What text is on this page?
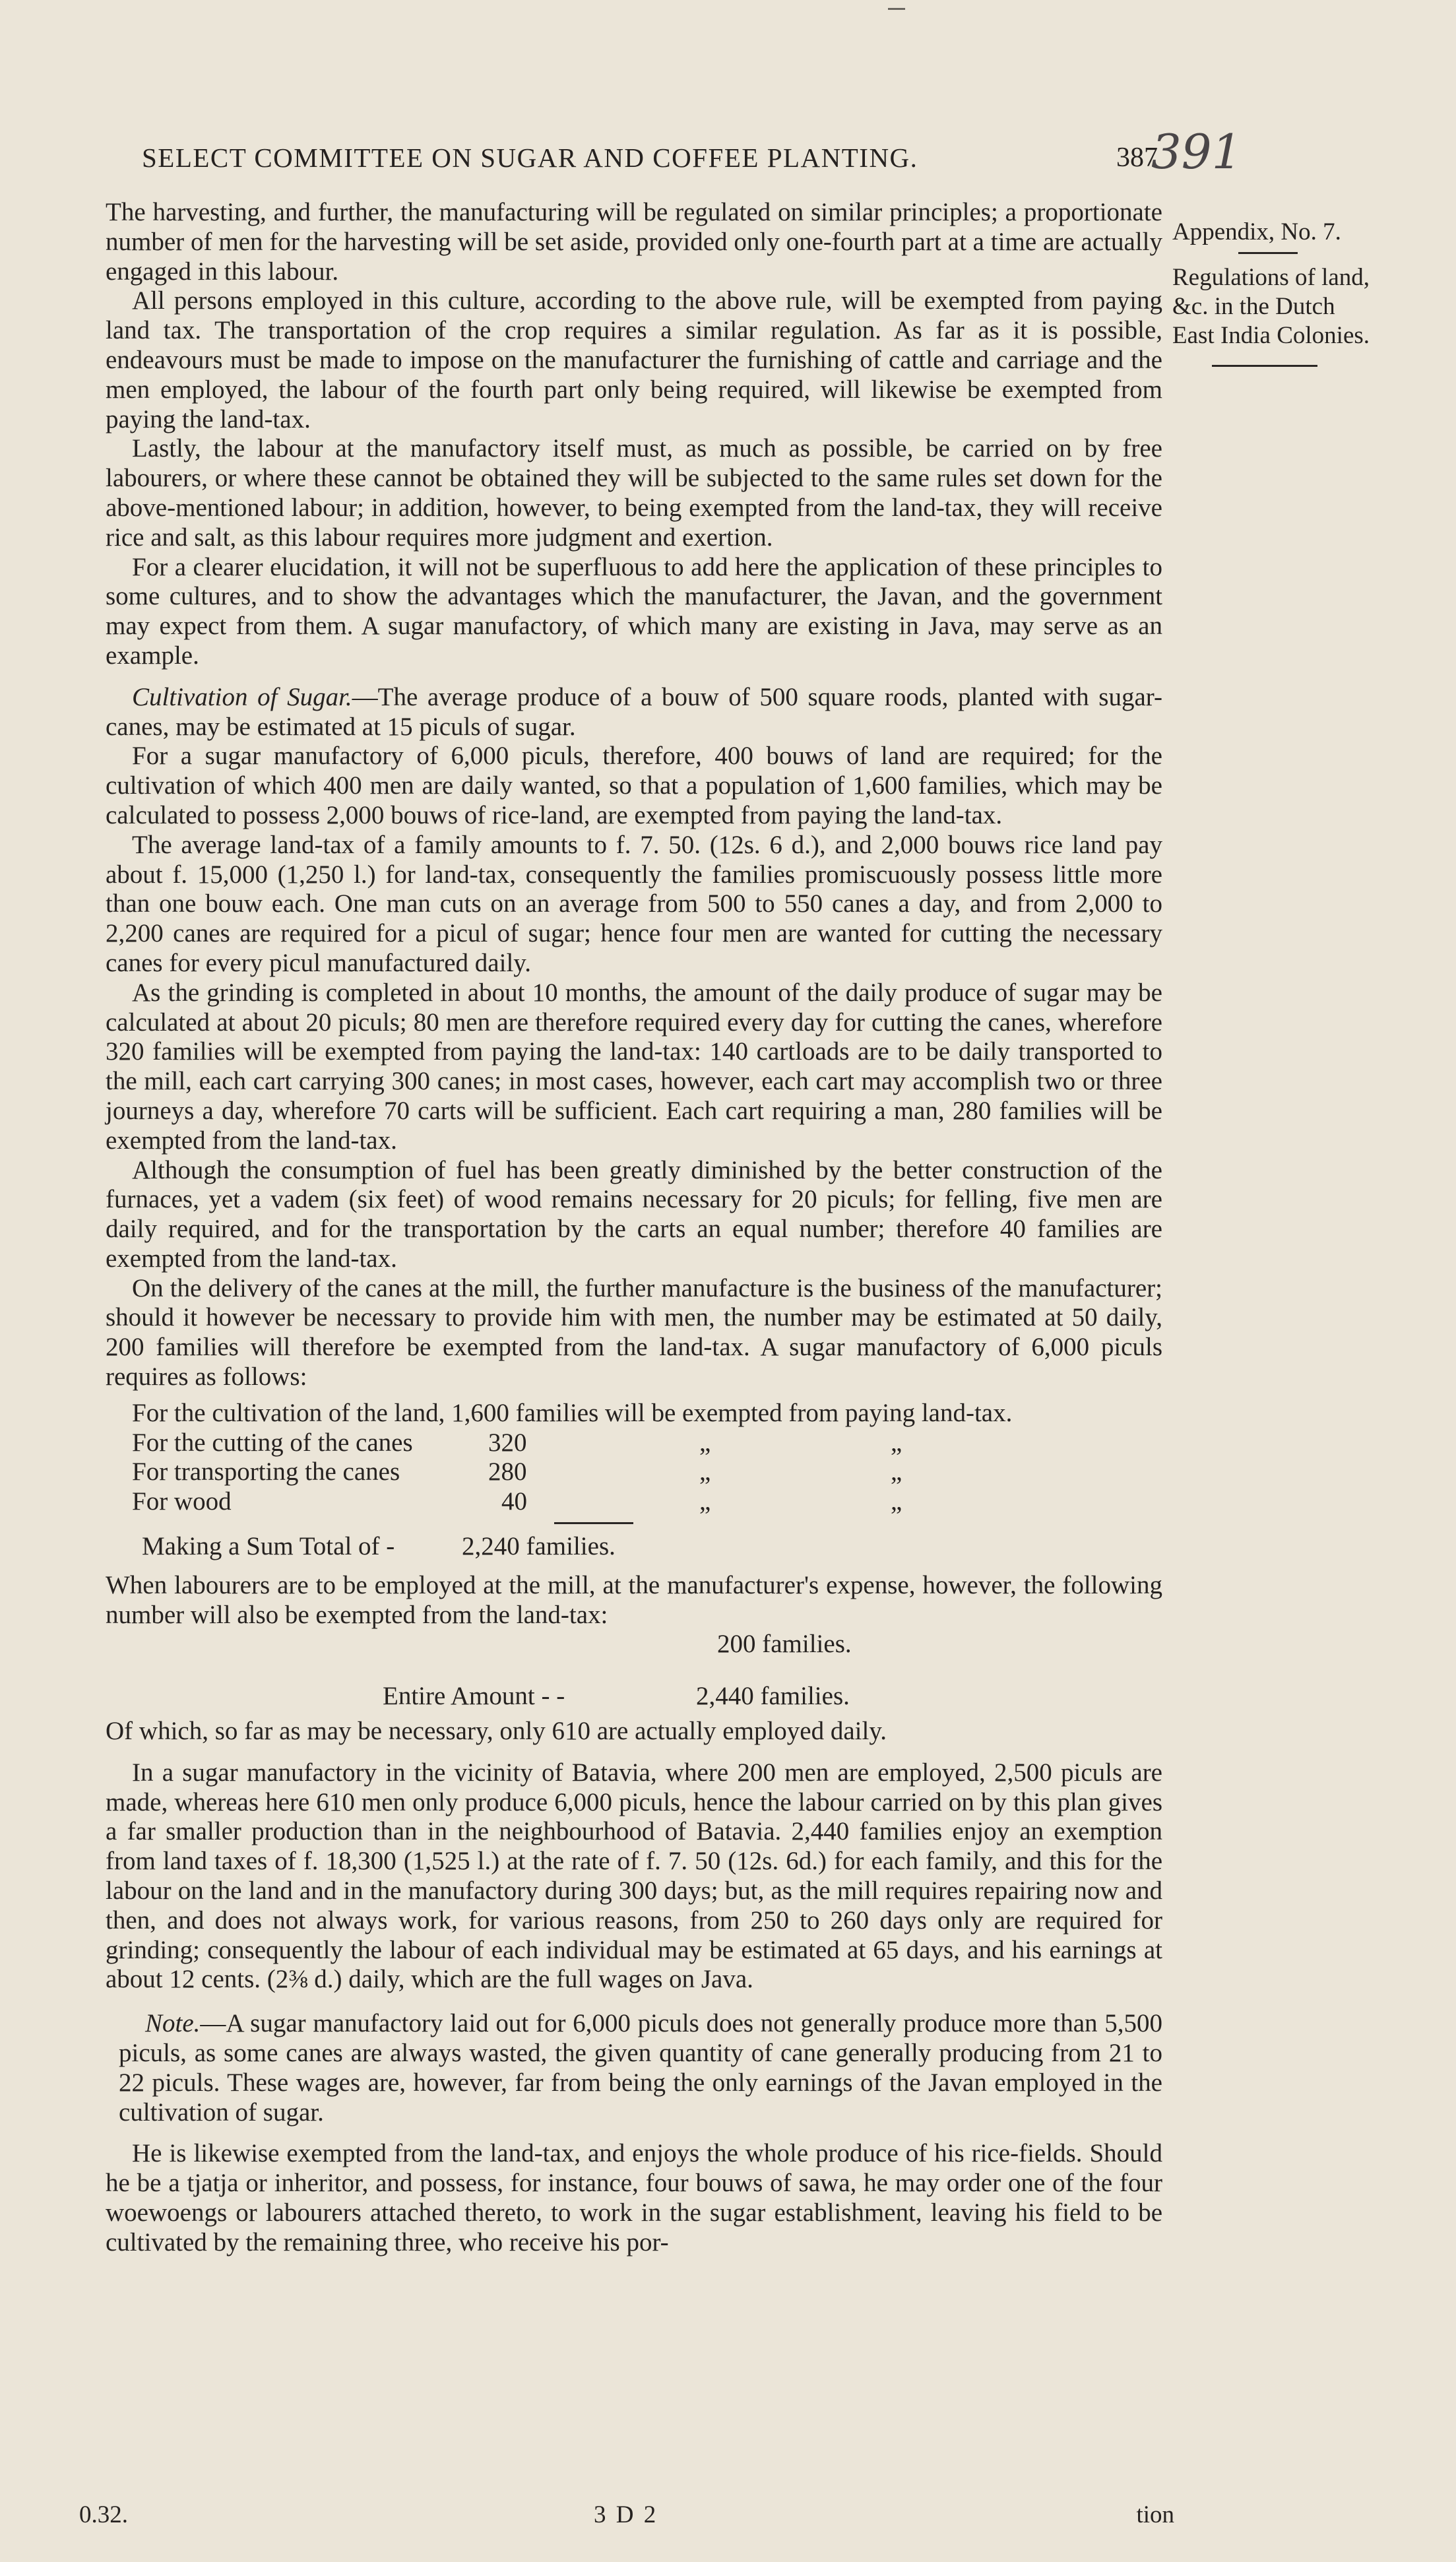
SELECT COMMITTEE ON SUGAR AND COFFEE PLANTING.	387
391
Appendix, No. 7.
Regulations of land, &c. in the Dutch East India Colonies.

The harvesting, and further, the manufacturing will be regulated on similar principles; a proportionate number of men for the harvesting will be set aside, provided only one-fourth part at a time are actually engaged in this labour.

All persons employed in this culture, according to the above rule, will be exempted from paying land tax. The transportation of the crop requires a similar regulation. As far as it is possible, endeavours must be made to impose on the manufacturer the furnishing of cattle and carriage and the men employed, the labour of the fourth part only being required, will likewise be exempted from paying the land-tax.

Lastly, the labour at the manufactory itself must, as much as possible, be carried on by free labourers, or where these cannot be obtained they will be subjected to the same rules set down for the above-mentioned labour; in addition, however, to being exempted from the land-tax, they will receive rice and salt, as this labour requires more judgment and exertion.

For a clearer elucidation, it will not be superfluous to add here the application of these principles to some cultures, and to show the advantages which the manufacturer, the Javan, and the government may expect from them. A sugar manufactory, of which many are existing in Java, may serve as an example.

Cultivation of Sugar.—The average produce of a bouw of 500 square roods, planted with sugar-canes, may be estimated at 15 piculs of sugar.

For a sugar manufactory of 6,000 piculs, therefore, 400 bouws of land are required; for the cultivation of which 400 men are daily wanted, so that a population of 1,600 families, which may be calculated to possess 2,000 bouws of rice-land, are exempted from paying the land-tax.

The average land-tax of a family amounts to f. 7. 50. (12s. 6 d.), and 2,000 bouws rice land pay about f. 15,000 (1,250 l.) for land-tax, consequently the families promiscuously possess little more than one bouw each. One man cuts on an average from 500 to 550 canes a day, and from 2,000 to 2,200 canes are required for a picul of sugar; hence four men are wanted for cutting the necessary canes for every picul manufactured daily.

As the grinding is completed in about 10 months, the amount of the daily produce of sugar may be calculated at about 20 piculs; 80 men are therefore required every day for cutting the canes, wherefore 320 families will be exempted from paying the land-tax: 140 cartloads are to be daily transported to the mill, each cart carrying 300 canes; in most cases, however, each cart may accomplish two or three journeys a day, wherefore 70 carts will be sufficient. Each cart requiring a man, 280 families will be exempted from the land-tax.

Although the consumption of fuel has been greatly diminished by the better construction of the furnaces, yet a vadem (six feet) of wood remains necessary for 20 piculs; for felling, five men are daily required, and for the transportation by the carts an equal number; therefore 40 families are exempted from the land-tax.

On the delivery of the canes at the mill, the further manufacture is the business of the manufacturer; should it however be necessary to provide him with men, the number may be estimated at 50 daily, 200 families will therefore be exempted from the land-tax. A sugar manufactory of 6,000 piculs requires as follows:

For the cultivation of the land, 1,600 families will be exempted from paying land-tax.
For the cutting of the canes	320	„	„
For transporting the canes	280	„	„
For wood	40	„	„
Making a Sum Total of -	2,240 families.

When labourers are to be employed at the mill, at the manufacturer's expense, however, the following number will also be exempted from the land-tax:

200 families.
Entire Amount - -	2,440 families.

Of which, so far as may be necessary, only 610 are actually employed daily.

In a sugar manufactory in the vicinity of Batavia, where 200 men are employed, 2,500 piculs are made, whereas here 610 men only produce 6,000 piculs, hence the labour carried on by this plan gives a far smaller production than in the neighbourhood of Batavia. 2,440 families enjoy an exemption from land taxes of f. 18,300 (1,525 l.) at the rate of f. 7. 50 (12s. 6d.) for each family, and this for the labour on the land and in the manufactory during 300 days; but, as the mill requires repairing now and then, and does not always work, for various reasons, from 250 to 260 days only are required for grinding; consequently the labour of each individual may be estimated at 65 days, and his earnings at about 12 cents. (2⅜ d.) daily, which are the full wages on Java.

Note.—A sugar manufactory laid out for 6,000 piculs does not generally produce more than 5,500 piculs, as some canes are always wasted, the given quantity of cane generally producing from 21 to 22 piculs. These wages are, however, far from being the only earnings of the Javan employed in the cultivation of sugar.

He is likewise exempted from the land-tax, and enjoys the whole produce of his rice-fields. Should he be a tjatja or inheritor, and possess, for instance, four bouws of sawa, he may order one of the four woewoengs or labourers attached thereto, to work in the sugar establishment, leaving his field to be cultivated by the remaining three, who receive his por-

0.32.	3 D 2	tion
